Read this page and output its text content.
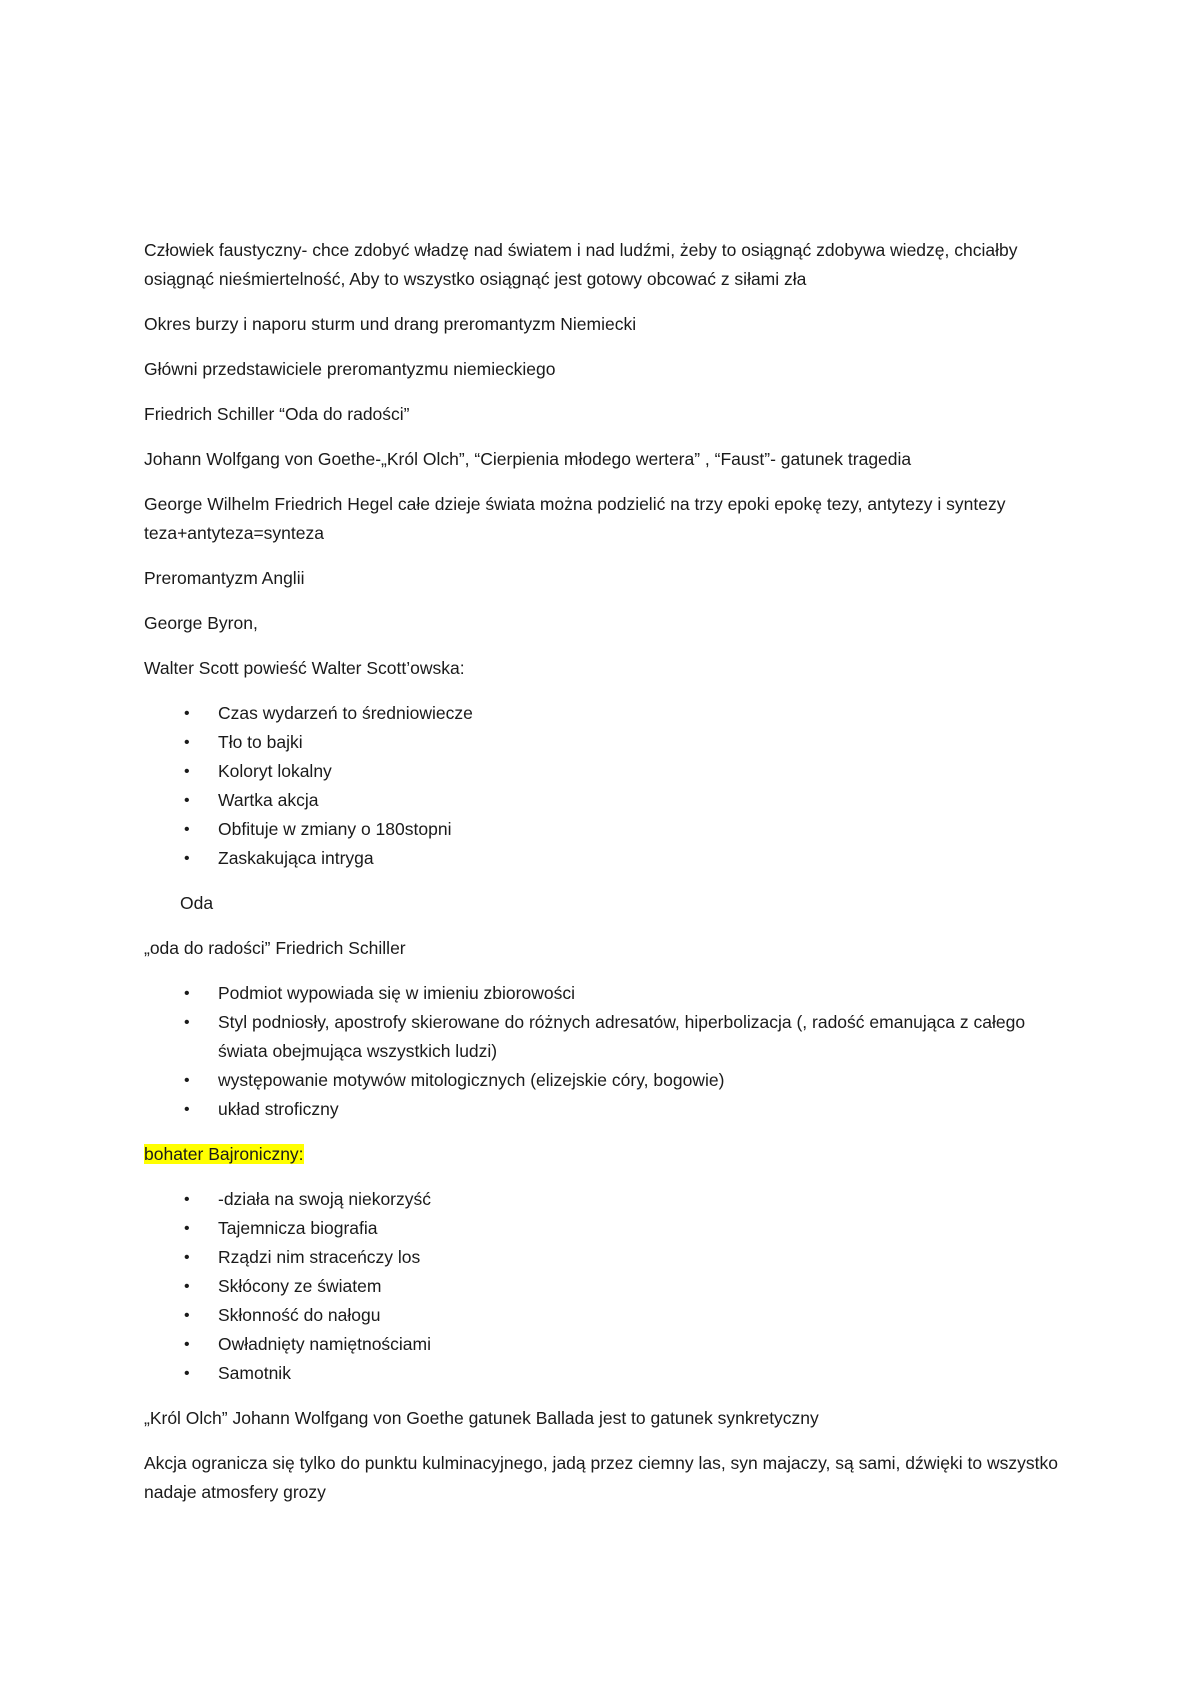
Człowiek faustyczny- chce zdobyć władzę nad światem i nad ludźmi, żeby to osiągnąć zdobywa wiedzę, chciałby osiągnąć nieśmiertelność, Aby to wszystko osiągnąć jest gotowy obcować z siłami zła

Okres burzy i naporu sturm und drang preromantyzm Niemiecki

Główni przedstawiciele preromantyzmu niemieckiego

Friedrich Schiller “Oda do radości”

Johann Wolfgang von Goethe-„Król Olch”, “Cierpienia młodego wertera” , “Faust”- gatunek tragedia

George Wilhelm Friedrich Hegel całe dzieje świata można podzielić na trzy epoki epokę tezy, antytezy i syntezy    teza+antyteza=synteza

Preromantyzm Anglii

George Byron,

Walter Scott powieść Walter Scott’owska:

• Czas wydarzeń to średniowiecze
• Tło to bajki
• Koloryt lokalny
• Wartka akcja
• Obfituje w zmiany o 180stopni
• Zaskakująca intryga

Oda

„oda do radości” Friedrich Schiller

• Podmiot wypowiada się w imieniu zbiorowości
• Styl podniosły, apostrofy skierowane do różnych adresatów, hiperbolizacja (, radość emanująca z całego świata obejmująca wszystkich ludzi)
• występowanie motywów mitologicznych (elizejskie córy, bogowie)
• układ stroficzny

bohater Bajroniczny:

• -działa na swoją niekorzyść
• Tajemnicza biografia
• Rządzi nim straceńczy los
• Skłócony ze światem
• Skłonność do nałogu
• Owładnięty namiętnościami
• Samotnik

„Król Olch” Johann Wolfgang von Goethe gatunek Ballada jest to gatunek synkretyczny

Akcja ogranicza się tylko do punktu kulminacyjnego, jadą przez ciemny las, syn majaczy, są sami, dźwięki to wszystko nadaje atmosfery grozy
